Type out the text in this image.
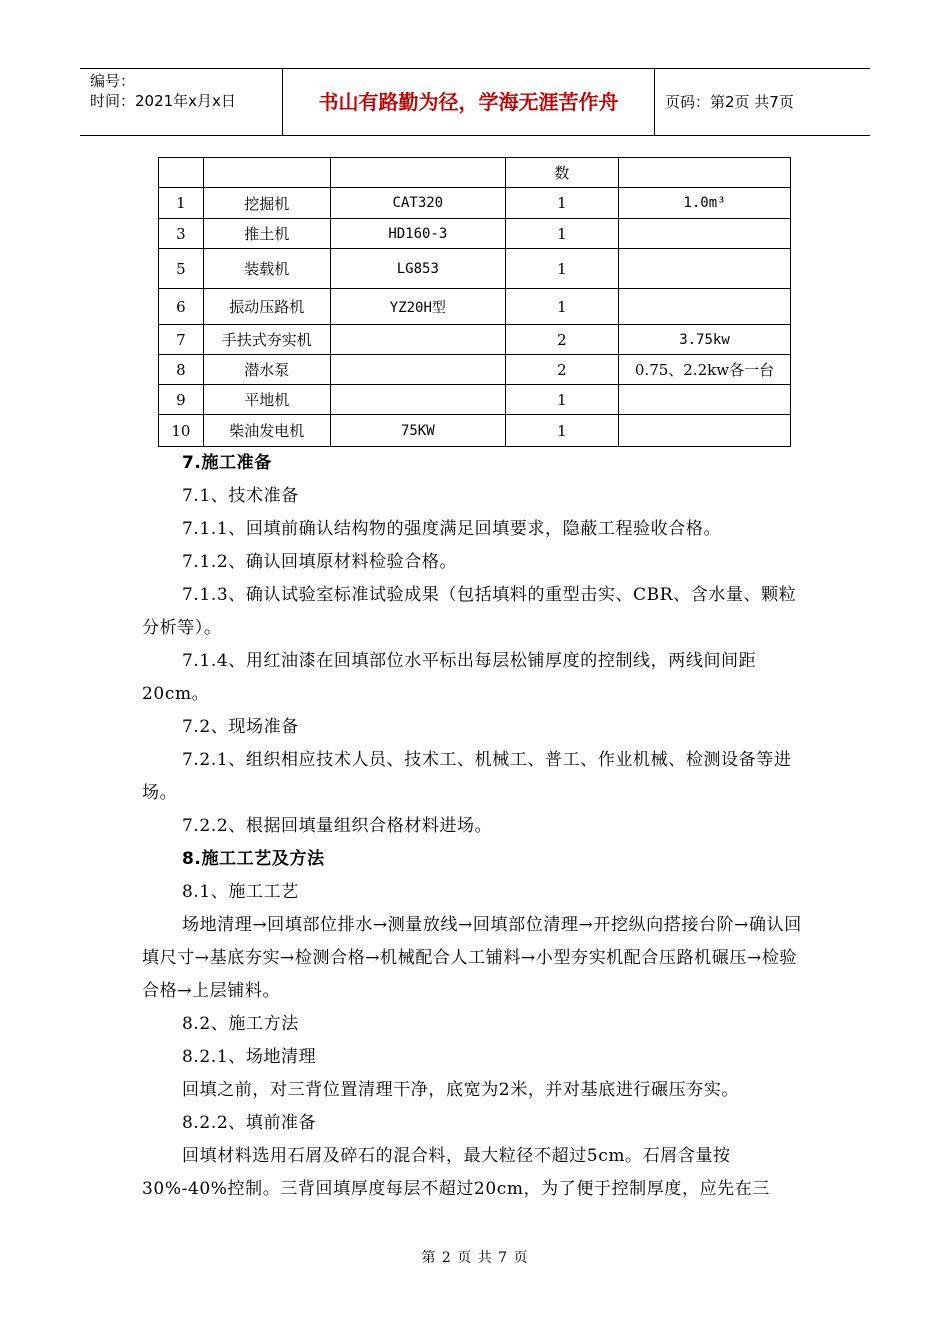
编号：
时间：2021年x月x日	书山有路勤为径，学海无涯苦作舟	页码：第2页 共7页
			数	
1	挖掘机	CAT320	1	1.0m³
3	推土机	HD160-3	1	
5	装载机	LG853	1	
6	振动压路机	YZ20H型	1	
7	手扶式夯实机		2	3.75kw
8	潜水泵		2	0.75、2.2kw各一台
9	平地机		1	
10	柴油发电机	75KW	1	

7.施工准备

7.1、技术准备

7.1.1、回填前确认结构物的强度满足回填要求，隐蔽工程验收合格。

7.1.2、确认回填原材料检验合格。

7.1.3、确认试验室标准试验成果（包括填料的重型击实、CBR、含水量、颗粒分析等）。

7.1.4、用红油漆在回填部位水平标出每层松铺厚度的控制线，两线间间距20cm。

7.2、现场准备

7.2.1、组织相应技术人员、技术工、机械工、普工、作业机械、检测设备等进场。

7.2.2、根据回填量组织合格材料进场。

8.施工工艺及方法

8.1、施工工艺

场地清理→回填部位排水→测量放线→回填部位清理→开挖纵向搭接台阶→确认回填尺寸→基底夯实→检测合格→机械配合人工铺料→小型夯实机配合压路机碾压→检验合格→上层铺料。

8.2、施工方法

8.2.1、场地清理

回填之前，对三背位置清理干净，底宽为2米，并对基底进行碾压夯实。

8.2.2、填前准备

回填材料选用石屑及碎石的混合料，最大粒径不超过5cm。石屑含量按30%-40%控制。三背回填厚度每层不超过20cm，为了便于控制厚度，应先在三

第 2 页 共 7 页
